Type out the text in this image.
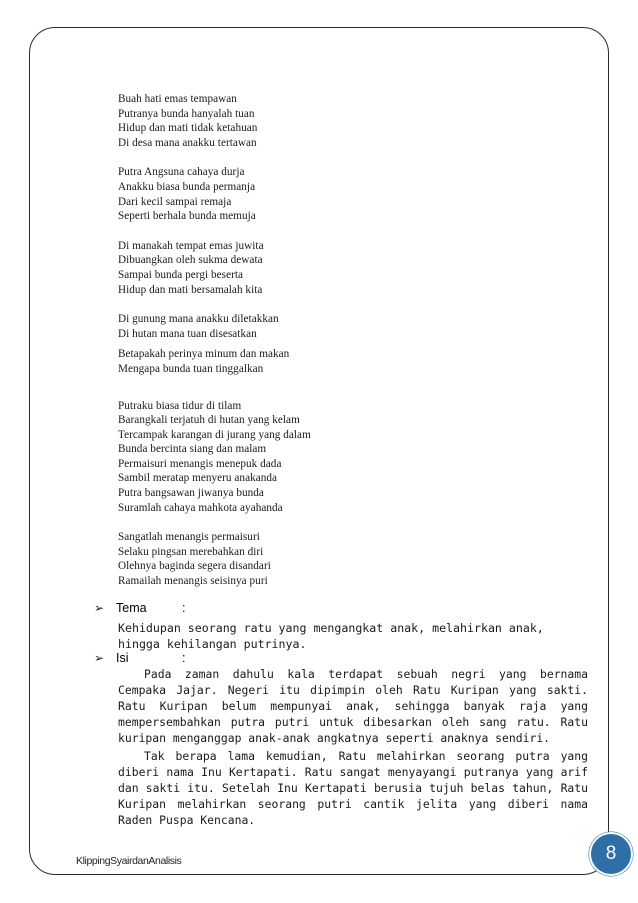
Buah hati emas tempawan
Putranya bunda hanyalah tuan
Hidup dan mati tidak ketahuan
Di desa mana anakku tertawan
Putra Angsuna cahaya durja
Anakku biasa bunda permanja
Dari kecil sampai remaja
Seperti berhala bunda memuja
Di manakah tempat emas juwita
Dibuangkan oleh sukma dewata
Sampai bunda pergi beserta
Hidup dan mati bersamalah kita
Di gunung mana anakku diletakkan
Di hutan mana tuan disesatkan
Betapakah perinya minum dan makan
Mengapa bunda tuan tinggalkan
Putraku biasa tidur di tilam
Barangkali terjatuh di hutan yang kelam
Tercampak karangan di jurang yang dalam
Bunda bercinta siang dan malam
Permaisuri menangis menepuk dada
Sambil meratap menyeru anakanda
Putra bangsawan jiwanya bunda
Suramlah cahaya mahkota ayahanda
Sangatlah menangis permaisuri
Selaku pingsan merebahkan diri
Olehnya baginda segera disandari
Ramailah menangis seisinya puri
➢ Tema	:
Kehidupan seorang ratu yang mengangkat anak, melahirkan anak,
hingga kehilangan putrinya.
➢ Isi	:
Pada zaman dahulu kala terdapat sebuah negri yang bernama Cempaka Jajar. Negeri itu dipimpin oleh Ratu Kuripan yang sakti. Ratu Kuripan belum mempunyai anak, sehingga banyak raja yang mempersembahkan putra putri untuk dibesarkan oleh sang ratu. Ratu kuripan menganggap anak-anak angkatnya seperti anaknya sendiri.
Tak berapa lama kemudian, Ratu melahirkan seorang putra yang diberi nama Inu Kertapati. Ratu sangat menyayangi putranya yang arif dan sakti itu. Setelah Inu Kertapati berusia tujuh belas tahun, Ratu Kuripan melahirkan seorang putri cantik jelita yang diberi nama Raden Puspa Kencana.
KlippingSyairdanAnalisis	8
